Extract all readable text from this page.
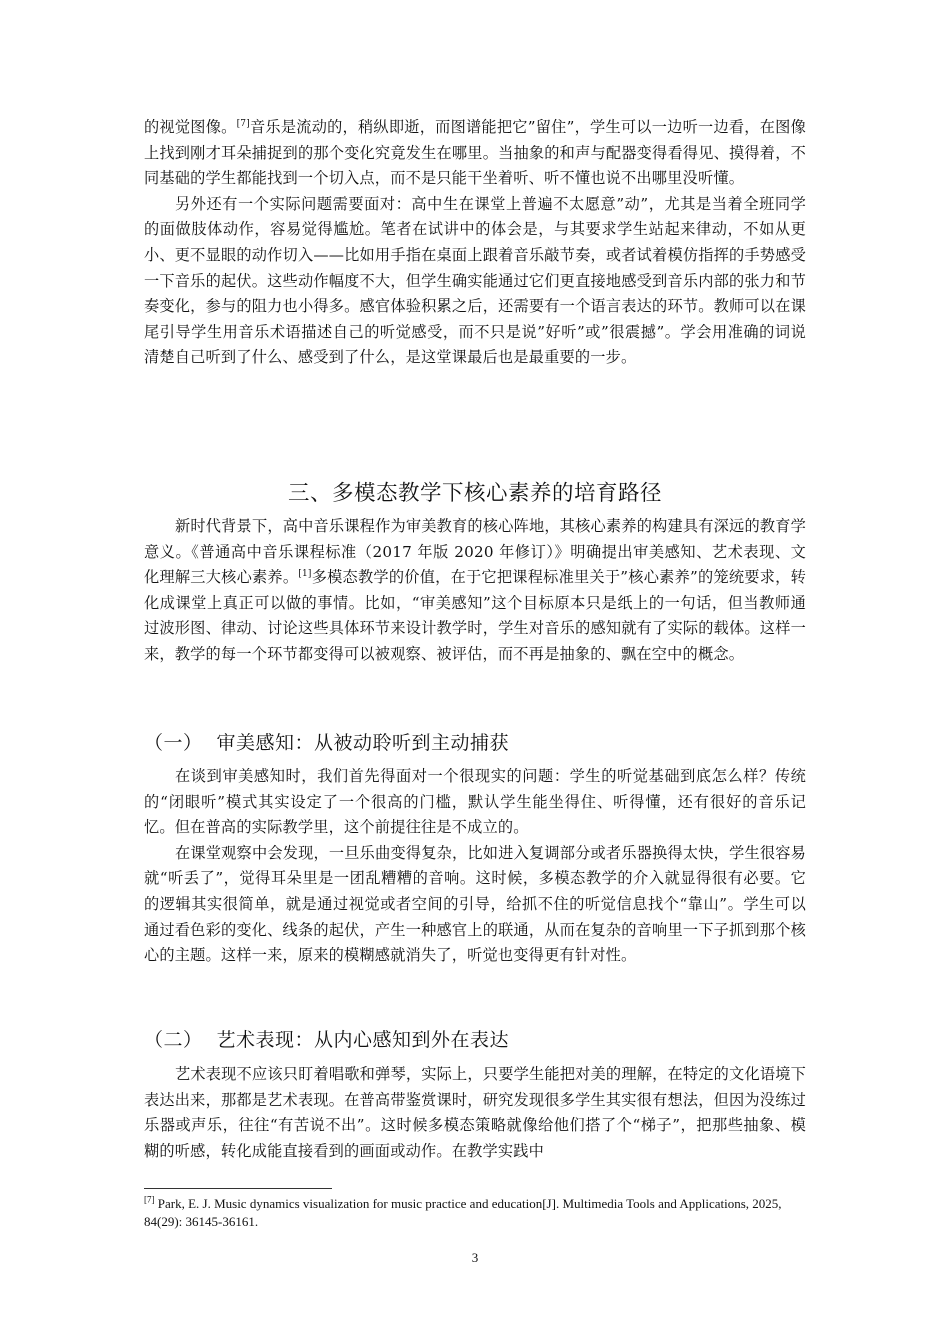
的视觉图像。[7]音乐是流动的，稍纵即逝，而图谱能把它”留住”，学生可以一边听一边看，在图像上找到刚才耳朵捕捉到的那个变化究竟发生在哪里。当抽象的和声与配器变得看得见、摸得着，不同基础的学生都能找到一个切入点，而不是只能干坐着听、听不懂也说不出哪里没听懂。

另外还有一个实际问题需要面对：高中生在课堂上普遍不太愿意”动”，尤其是当着全班同学的面做肢体动作，容易觉得尴尬。笔者在试讲中的体会是，与其要求学生站起来律动，不如从更小、更不显眼的动作切入——比如用手指在桌面上跟着音乐敲节奏，或者试着模仿指挥的手势感受一下音乐的起伏。这些动作幅度不大，但学生确实能通过它们更直接地感受到音乐内部的张力和节奏变化，参与的阻力也小得多。感官体验积累之后，还需要有一个语言表达的环节。教师可以在课尾引导学生用音乐术语描述自己的听觉感受，而不只是说”好听”或”很震撼”。学会用准确的词说清楚自己听到了什么、感受到了什么，是这堂课最后也是最重要的一步。

三、多模态教学下核心素养的培育路径

新时代背景下，高中音乐课程作为审美教育的核心阵地，其核心素养的构建具有深远的教育学意义。《普通高中音乐课程标准（2017 年版 2020 年修订）》明确提出审美感知、艺术表现、文化理解三大核心素养。[1]多模态教学的价值，在于它把课程标准里关于”核心素养”的笼统要求，转化成课堂上真正可以做的事情。比如，“审美感知”这个目标原本只是纸上的一句话，但当教师通过波形图、律动、讨论这些具体环节来设计教学时，学生对音乐的感知就有了实际的载体。这样一来，教学的每一个环节都变得可以被观察、被评估，而不再是抽象的、飘在空中的概念。

（一） 审美感知：从被动聆听到主动捕获

在谈到审美感知时，我们首先得面对一个很现实的问题：学生的听觉基础到底怎么样？传统的“闭眼听”模式其实设定了一个很高的门槛，默认学生能坐得住、听得懂，还有很好的音乐记忆。但在普高的实际教学里，这个前提往往是不成立的。

在课堂观察中会发现，一旦乐曲变得复杂，比如进入复调部分或者乐器换得太快，学生很容易就“听丢了”，觉得耳朵里是一团乱糟糟的音响。这时候，多模态教学的介入就显得很有必要。它的逻辑其实很简单，就是通过视觉或者空间的引导，给抓不住的听觉信息找个“靠山”。学生可以通过看色彩的变化、线条的起伏，产生一种感官上的联通，从而在复杂的音响里一下子抓到那个核心的主题。这样一来，原来的模糊感就消失了，听觉也变得更有针对性。

（二） 艺术表现：从内心感知到外在表达

艺术表现不应该只盯着唱歌和弹琴，实际上，只要学生能把对美的理解，在特定的文化语境下表达出来，那都是艺术表现。在普高带鉴赏课时，研究发现很多学生其实很有想法，但因为没练过乐器或声乐，往往“有苦说不出”。这时候多模态策略就像给他们搭了个“梯子”，把那些抽象、模糊的听感，转化成能直接看到的画面或动作。在教学实践中

[7] Park, E. J. Music dynamics visualization for music practice and education[J]. Multimedia Tools and Applications, 2025, 84(29): 36145-36161.
3
